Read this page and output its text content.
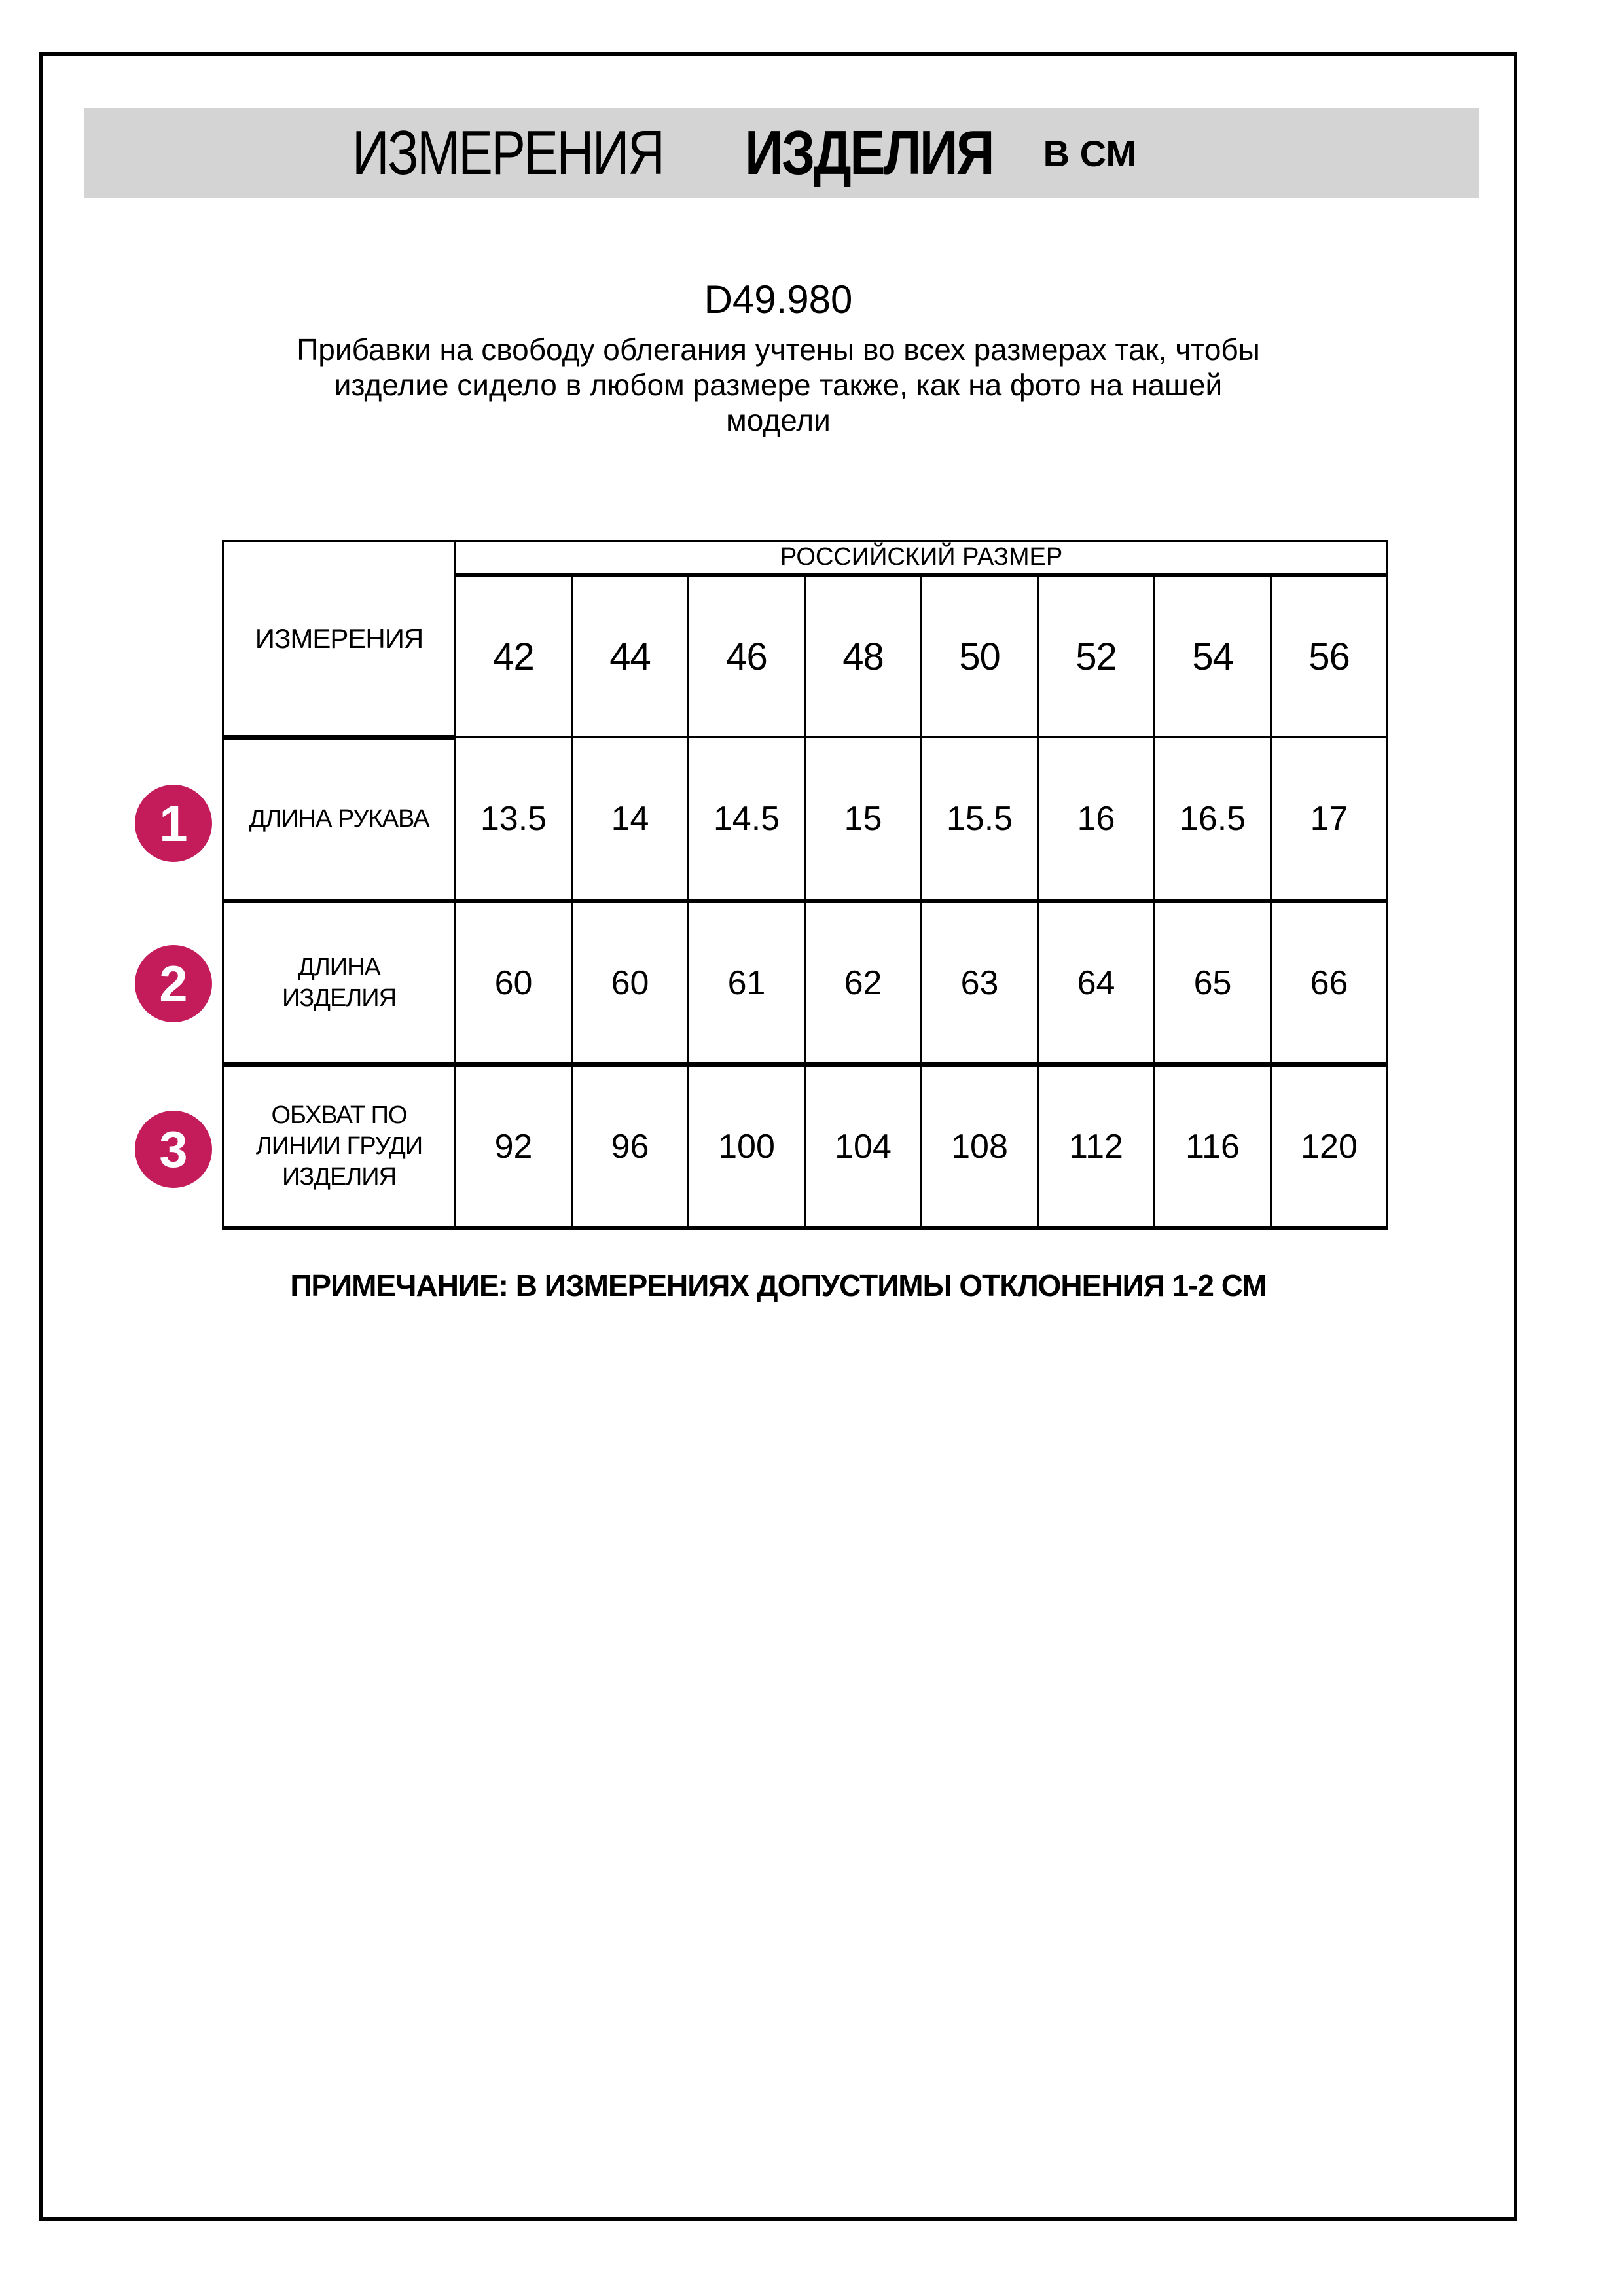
ИЗМЕРЕНИЯ ИЗДЕЛИЯ В СМ
D49.980
Прибавки на свободу облегания учтены во всех размерах так, чтобы
изделие сидело в любом размере также, как на фото на нашей
модели
ИЗМЕРЕНИЯ	РОССИЙСКИЙ РАЗМЕР							
	42	44	46	48	50	52	54	56

ДЛИНА РУКАВА	13.5	14	14.5	15	15.5	16	16.5	17

ДЛИНА
ИЗДЕЛИЯ	60	60	61	62	63	64	65	66

ОБХВАТ ПО
ЛИНИИ ГРУДИ
ИЗДЕЛИЯ	92	96	100	104	108	112	116	120
1
2
3
ПРИМЕЧАНИЕ: В ИЗМЕРЕНИЯХ ДОПУСТИМЫ ОТКЛОНЕНИЯ 1-2 СМ
